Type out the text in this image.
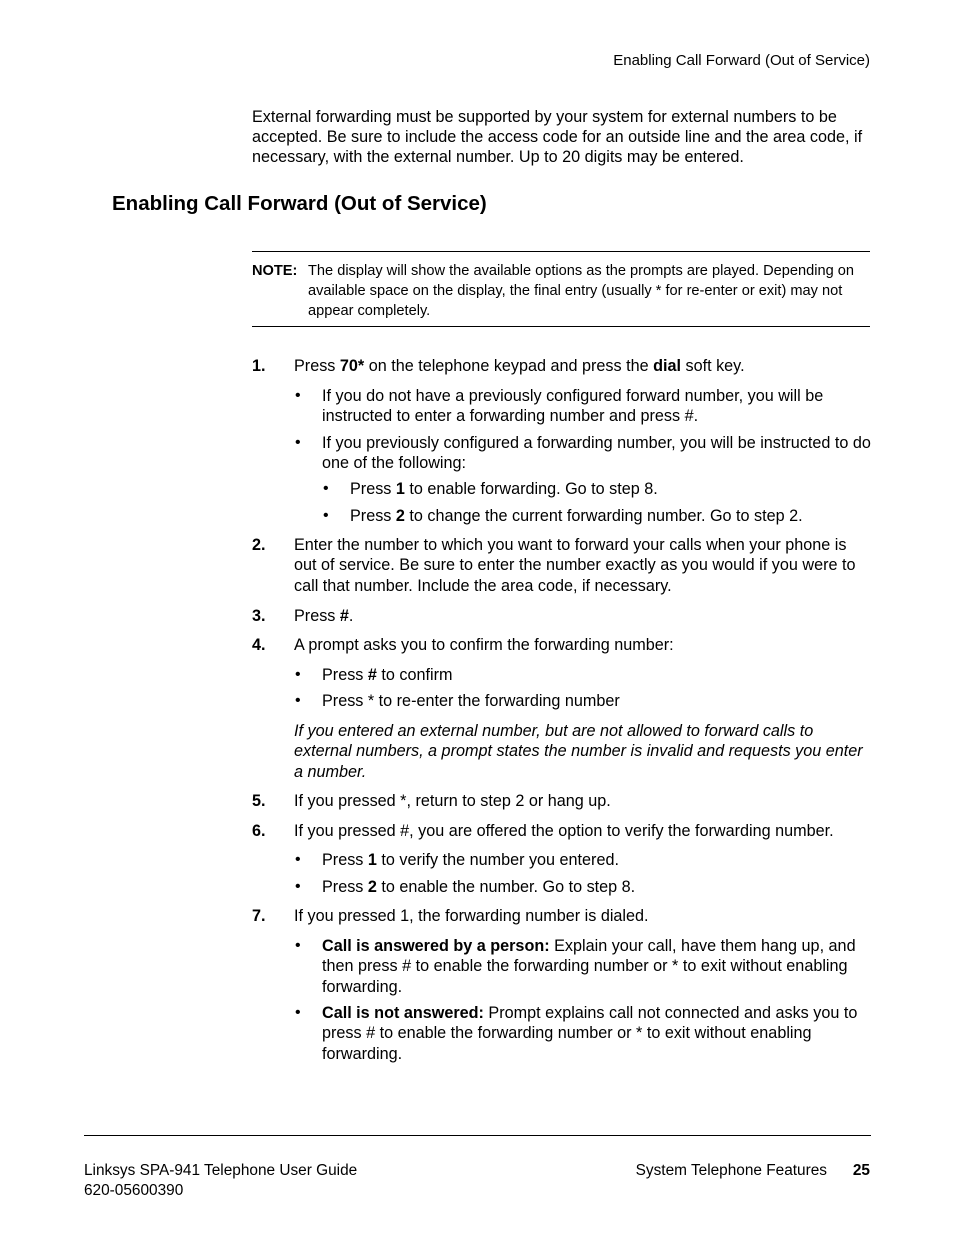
Enabling Call Forward (Out of Service)
External forwarding must be supported by your system for external numbers to be accepted. Be sure to include the access code for an outside line and the area code, if necessary, with the external number. Up to 20 digits may be entered.
Enabling Call Forward (Out of Service)
NOTE: The display will show the available options as the prompts are played. Depending on available space on the display, the final entry (usually * for re-enter or exit) may not appear completely.
1. Press 70* on the telephone keypad and press the dial soft key.
• If you do not have a previously configured forward number, you will be instructed to enter a forwarding number and press #.
• If you previously configured a forwarding number, you will be instructed to do one of the following:
• Press 1 to enable forwarding. Go to step 8.
• Press 2 to change the current forwarding number. Go to step 2.
2. Enter the number to which you want to forward your calls when your phone is out of service. Be sure to enter the number exactly as you would if you were to call that number. Include the area code, if necessary.
3. Press #.
4. A prompt asks you to confirm the forwarding number:
• Press # to confirm
• Press * to re-enter the forwarding number
If you entered an external number, but are not allowed to forward calls to external numbers, a prompt states the number is invalid and requests you enter a number.
5. If you pressed *, return to step 2 or hang up.
6. If you pressed #, you are offered the option to verify the forwarding number.
• Press 1 to verify the number you entered.
• Press 2 to enable the number. Go to step 8.
7. If you pressed 1, the forwarding number is dialed.
• Call is answered by a person: Explain your call, have them hang up, and then press # to enable the forwarding number or * to exit without enabling forwarding.
• Call is not answered: Prompt explains call not connected and asks you to press # to enable the forwarding number or * to exit without enabling forwarding.
Linksys SPA-941 Telephone User Guide
620-05600390
System Telephone Features 25
